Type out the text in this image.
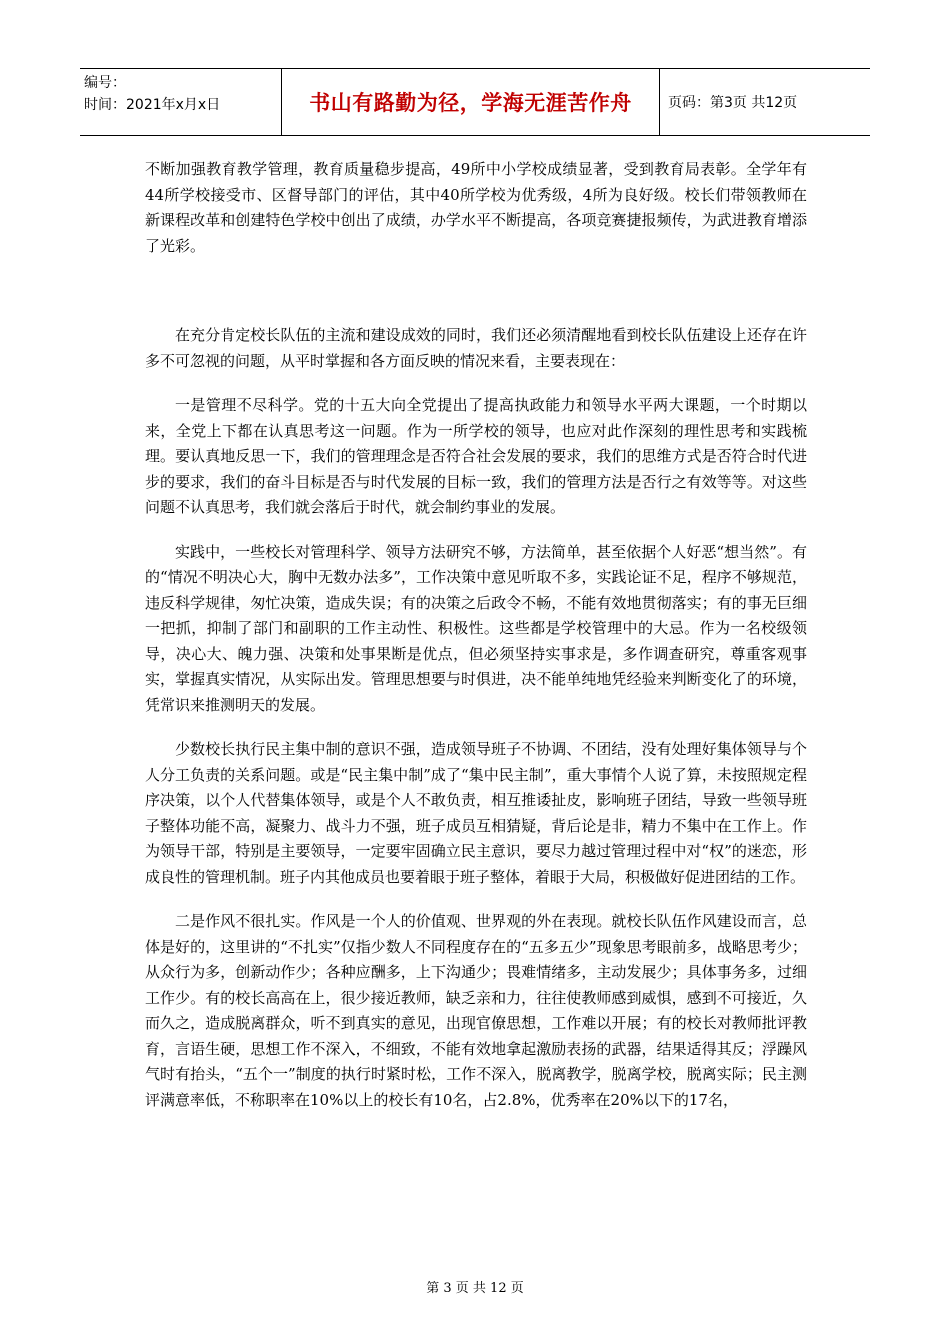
编号：
时间：2021年x月x日	书山有路勤为径，学海无涯苦作舟	页码：第3页 共12页

不断加强教育教学管理，教育质量稳步提高，49所中小学校成绩显著，受到教育局表彰。全学年有44所学校接受市、区督导部门的评估，其中40所学校为优秀级，4所为良好级。校长们带领教师在新课程改革和创建特色学校中创出了成绩，办学水平不断提高，各项竞赛捷报频传，为武进教育增添了光彩。

在充分肯定校长队伍的主流和建设成效的同时，我们还必须清醒地看到校长队伍建设上还存在许多不可忽视的问题，从平时掌握和各方面反映的情况来看，主要表现在：

一是管理不尽科学。党的十五大向全党提出了提高执政能力和领导水平两大课题，一个时期以来，全党上下都在认真思考这一问题。作为一所学校的领导，也应对此作深刻的理性思考和实践梳理。要认真地反思一下，我们的管理理念是否符合社会发展的要求，我们的思维方式是否符合时代进步的要求，我们的奋斗目标是否与时代发展的目标一致，我们的管理方法是否行之有效等等。对这些问题不认真思考，我们就会落后于时代，就会制约事业的发展。

实践中，一些校长对管理科学、领导方法研究不够，方法简单，甚至依据个人好恶“想当然”。有的“情况不明决心大，胸中无数办法多”，工作决策中意见听取不多，实践论证不足，程序不够规范，违反科学规律，匆忙决策，造成失误；有的决策之后政令不畅，不能有效地贯彻落实；有的事无巨细一把抓，抑制了部门和副职的工作主动性、积极性。这些都是学校管理中的大忌。作为一名校级领导，决心大、魄力强、决策和处事果断是优点，但必须坚持实事求是，多作调查研究，尊重客观事实，掌握真实情况，从实际出发。管理思想要与时俱进，决不能单纯地凭经验来判断变化了的环境，凭常识来推测明天的发展。

少数校长执行民主集中制的意识不强，造成领导班子不协调、不团结，没有处理好集体领导与个人分工负责的关系问题。或是“民主集中制”成了“集中民主制”，重大事情个人说了算，未按照规定程序决策，以个人代替集体领导，或是个人不敢负责，相互推诿扯皮，影响班子团结，导致一些领导班子整体功能不高，凝聚力、战斗力不强，班子成员互相猜疑，背后论是非，精力不集中在工作上。作为领导干部，特别是主要领导，一定要牢固确立民主意识，要尽力越过管理过程中对“权”的迷恋，形成良性的管理机制。班子内其他成员也要着眼于班子整体，着眼于大局，积极做好促进团结的工作。

二是作风不很扎实。作风是一个人的价值观、世界观的外在表现。就校长队伍作风建设而言，总体是好的，这里讲的“不扎实”仅指少数人不同程度存在的“五多五少”现象思考眼前多，战略思考少；从众行为多，创新动作少；各种应酬多，上下沟通少；畏难情绪多，主动发展少；具体事务多，过细工作少。有的校长高高在上，很少接近教师，缺乏亲和力，往往使教师感到威惧，感到不可接近，久而久之，造成脱离群众，听不到真实的意见，出现官僚思想，工作难以开展；有的校长对教师批评教育，言语生硬，思想工作不深入，不细致，不能有效地拿起激励表扬的武器，结果适得其反；浮躁风气时有抬头，“五个一”制度的执行时紧时松，工作不深入，脱离教学，脱离学校，脱离实际；民主测评满意率低，不称职率在10%以上的校长有10名，占2.8%，优秀率在20%以下的17名，

第 3 页 共 12 页
